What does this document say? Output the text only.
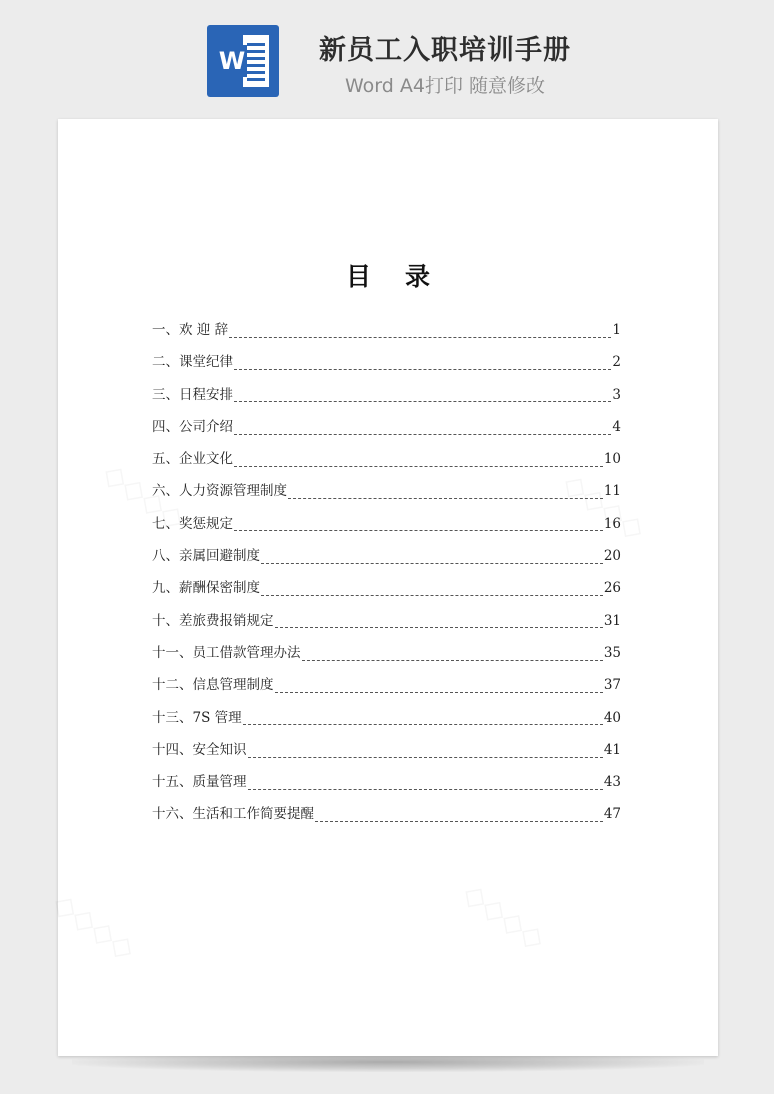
W	新员工入职培训手册
Word A4打印 随意修改
目 录
一、欢 迎 辞	1
二、课堂纪律	2
三、日程安排	3
四、公司介绍	4
五、企业文化	10
六、人力资源管理制度	11
七、奖惩规定	16
八、亲属回避制度	20
九、薪酬保密制度	26
十、差旅费报销规定	31
十一、员工借款管理办法	35
十二、信息管理制度	37
十三、7S 管理	40
十四、安全知识	41
十五、质量管理	43
十六、生活和工作简要提醒	47
